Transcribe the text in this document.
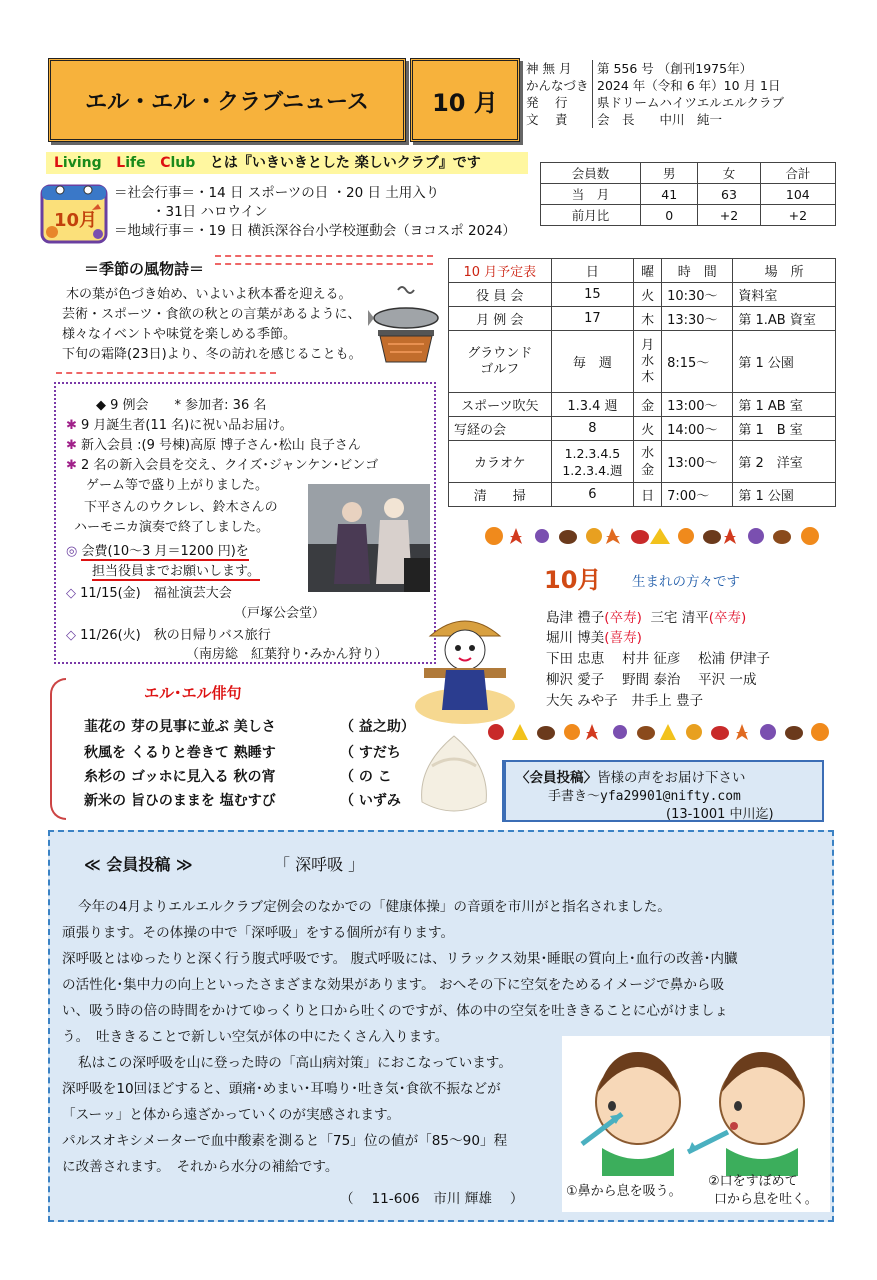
エル・エル・クラブニュース	10 月
神 無 月	第 556 号 （創刊1975年）
かんなづき 2024 年（令和 6 年）10 月 1日
発　 行	県ドリームハイツエルエルクラブ
文　 責	会　長　　中川　純一
Living Life Club とは『いきいきとした 楽しいクラブ』です
10月
＝社会行事＝・14 日 スポーツの日 ・20 日 土用入り
・31日 ハロウイン
＝地域行事＝・19 日 横浜深谷台小学校運動会（ヨコスポ 2024）
会員数	男	女	合計
当　月	41	63	104
前月比	0	+2	+2
＝季節の風物詩＝
木の葉が色づき始め、いよいよ秋本番を迎える。
芸術・スポーツ・食欲の秋との言葉があるように、
様々なイベントや味覚を楽しめる季節。
下旬の霜降(23日)より、冬の訪れを感じることも。
10 月予定表	日	曜	時　間	場　所
役 員 会	15	火	10:30～	資料室
月 例 会	17	木	13:30～	第 1.AB 資室
グラウンド
ゴルフ	毎　週	月
水
木	8:15～	第 1 公園
スポーツ吹矢	1.3.4 週	金	13:00～	第 1 AB 室
写経の会	8	火	14:00～	第 1　B 室
カラオケ	1.2.3.4.5
1.2.3.4.週	水
金	13:00～	第 2　洋室
清　　掃	6	日	7:00～	第 1 公園
◆ 9 例会　　* 参加者: 36 名
✱ 9 月誕生者(11 名)に祝い品お届け。
✱ 新入会員 :(9 号棟)高原 博子さん･松山 良子さん
✱ 2 名の新入会員を交え、クイズ･ジャンケン･ビンゴ
ゲーム等で盛り上がりました。
下平さんのウクレレ、鈴木さんの
ハーモニカ演奏で終了しました。
◎ 会費(10～3 月＝1200 円)を
担当役員までお願いします。
◇ 11/15(金)　福祉演芸大会
（戸塚公会堂）
◇ 11/26(火)　秋の日帰りバス旅行
（南房総　紅葉狩り･みかん狩り）
10月 生まれの方々です
島津 禮子(卒寿) 三宅 清平(卒寿)
堀川 博美(喜寿)
下田 忠恵　 村井 征彦　 松浦 伊津子
柳沢 愛子　 野間 泰治　 平沢 一成
大矢 みや子　井手上 豊子
エル･エル俳句
韮花の 芽の見事に並ぶ 美しさ	（ 益之助）
秋風を くるりと巻きて 熟睡す	（ すだち
糸杉の ゴッホに見入る 秋の宵	（ の こ
新米の 旨ひのままを 塩むすび	（ いずみ
〈会員投稿〉皆様の声をお届け下さい
手書き～yfa29901@nifty.com
(13-1001 中川迄)
≪ 会員投稿 ≫	「 深呼吸 」
今年の4月よりエルエルクラブ定例会のなかでの「健康体操」の音頭を市川がと指名されました。
頑張ります。その体操の中で「深呼吸」をする個所が有ります。
深呼吸とはゆったりと深く行う腹式呼吸です。 腹式呼吸には、リラックス効果･睡眠の質向上･血行の改善･内臓
の活性化･集中力の向上といったさまざまな効果があります。 おへその下に空気をためるイメージで鼻から吸
い、吸う時の倍の時間をかけてゆっくりと口から吐くのですが、体の中の空気を吐ききることに心がけましょ
う。　吐ききることで新しい空気が体の中にたくさん入ります。
私はこの深呼吸を山に登った時の「高山病対策」におこなっています。
深呼吸を10回ほどすると、頭痛･めまい･耳鳴り･吐き気･食欲不振などが
「スーッ」と体から遠ざかっていくのが実感されます。
パルスオキシメーターで血中酸素を測ると「75」位の値が「85～90」程
に改善されます。　それから水分の補給です。
（　 11-606　市川 輝雄　 ）	①鼻から息を吸う。
②口をすぼめて
口から息を吐く。
